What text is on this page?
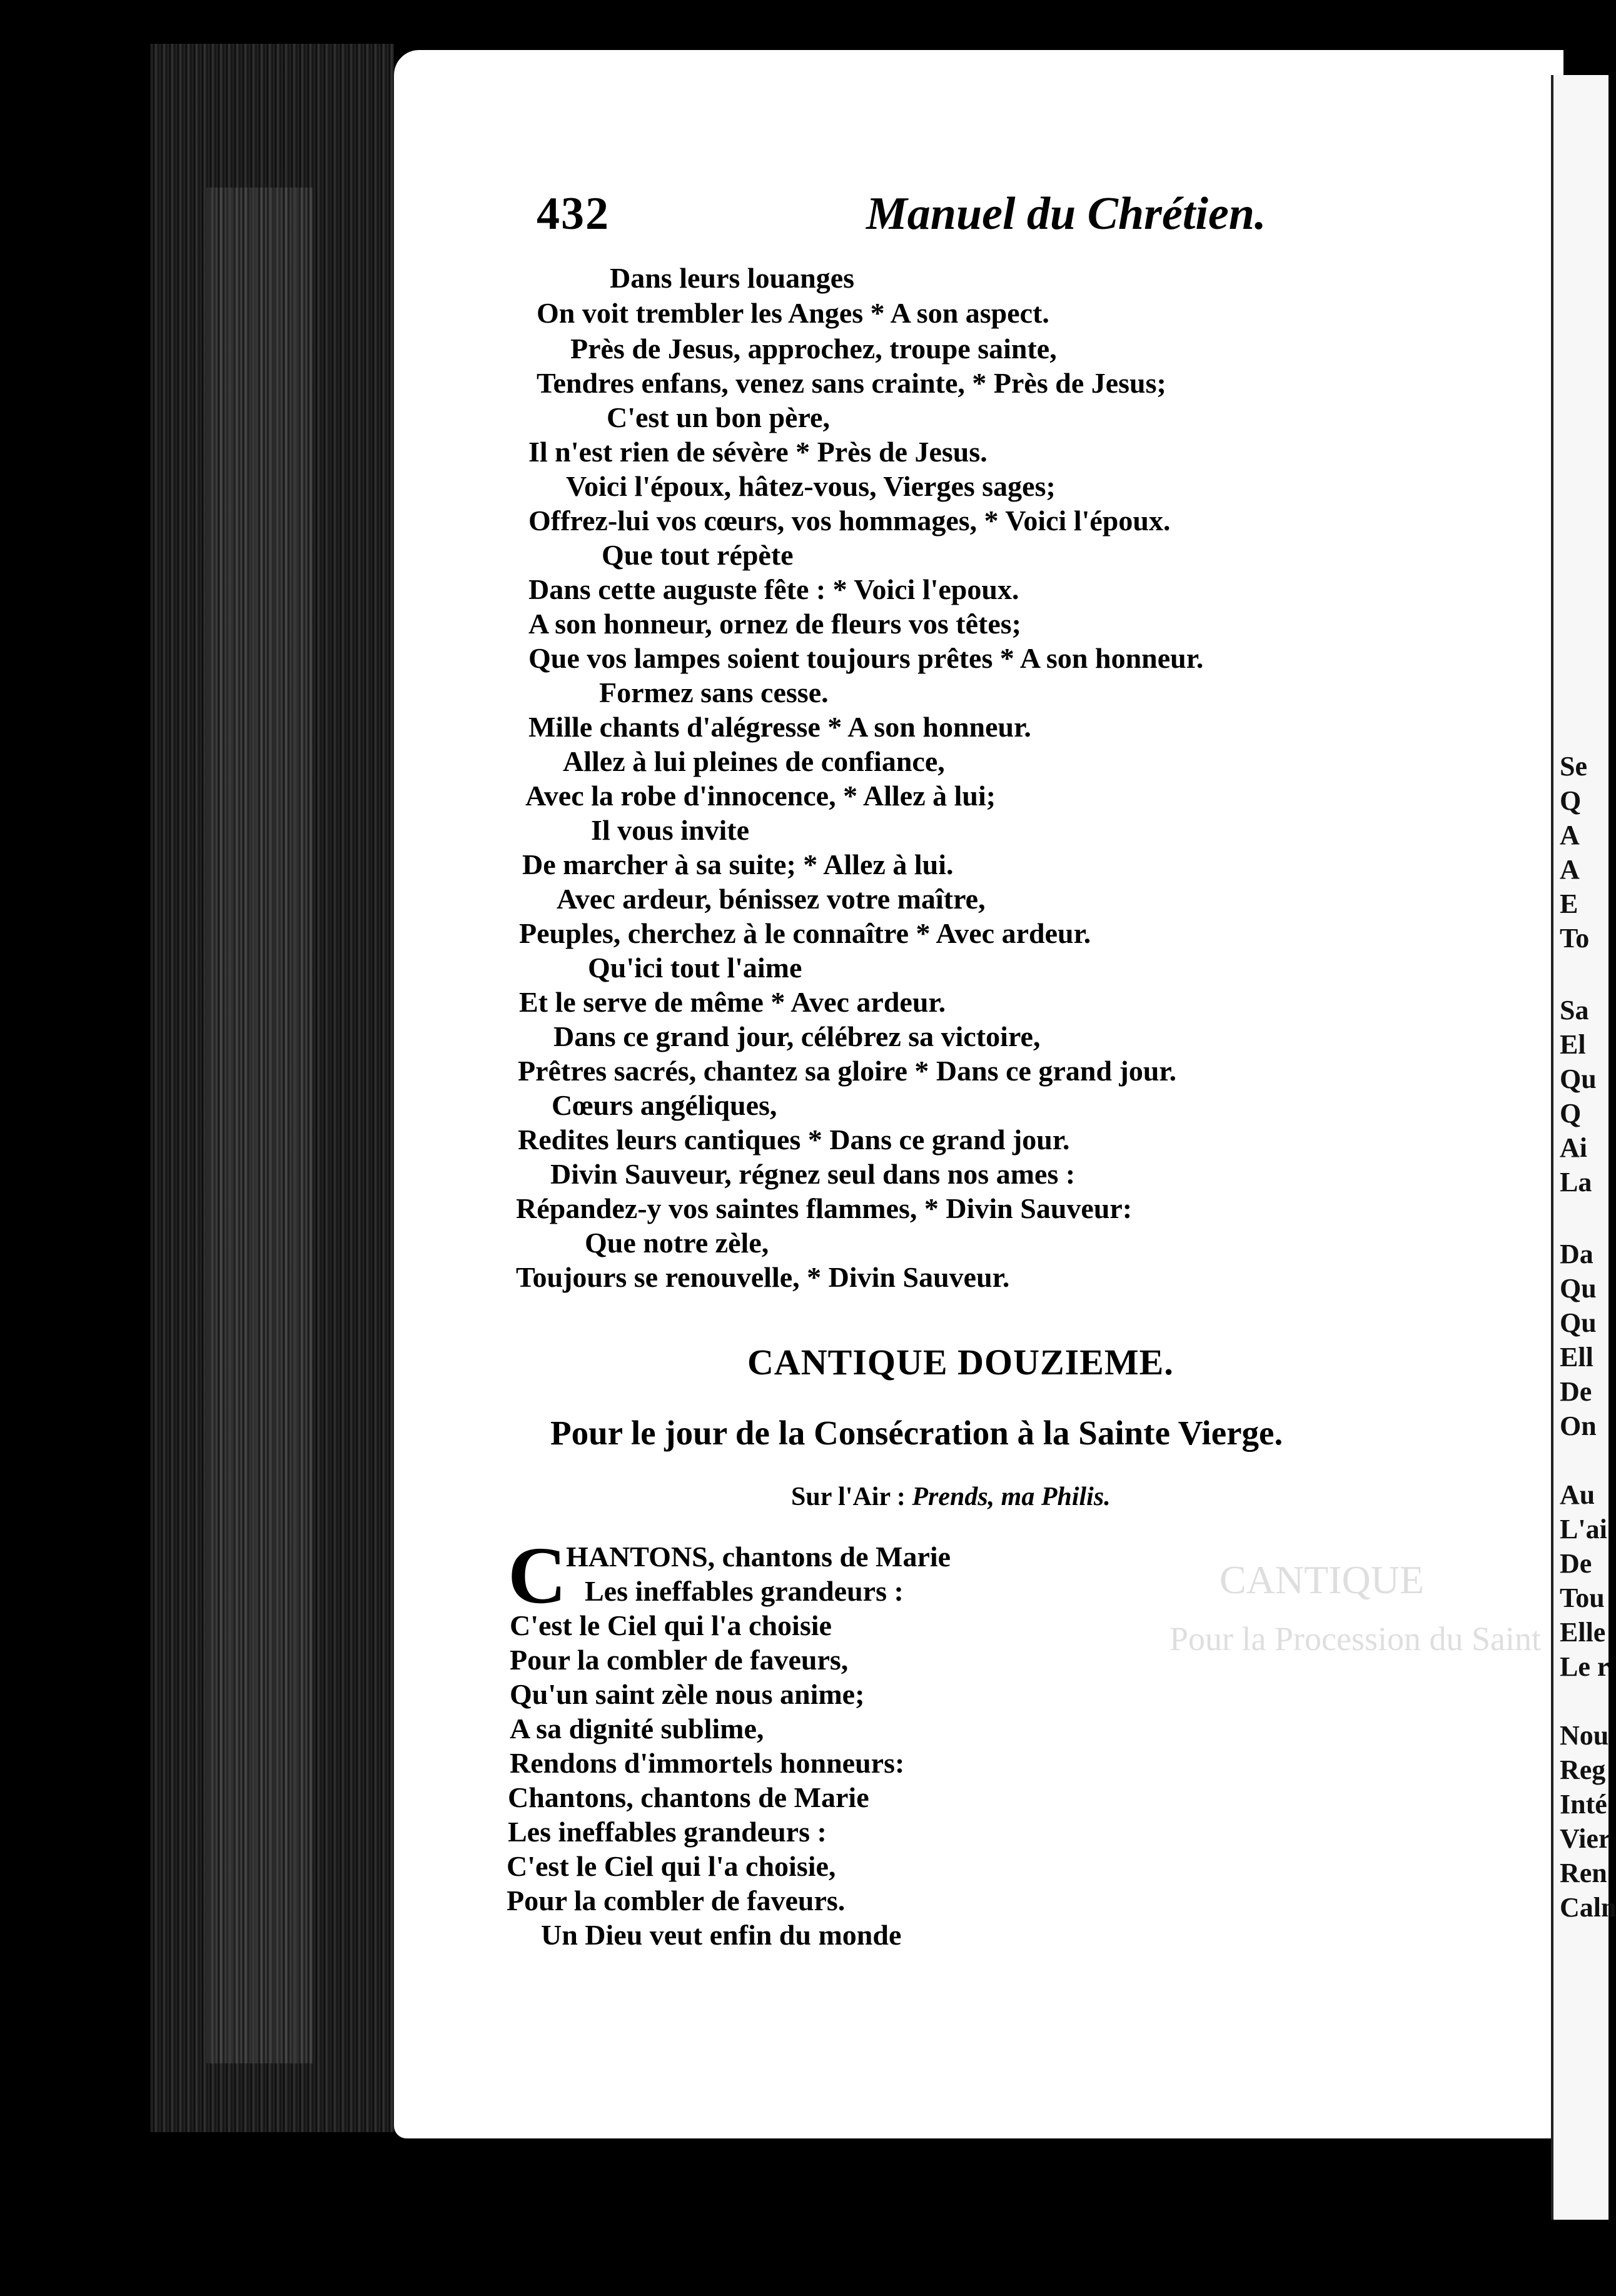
CANTIQUE
Pour la Procession du Saint
432	Manuel du Chrétien.
Dans leurs louanges
On voit trembler les Anges * A son aspect.
Près de Jesus, approchez, troupe sainte,
Tendres enfans, venez sans crainte, * Près de Jesus;
C'est un bon père,
Il n'est rien de sévère * Près de Jesus.
Voici l'époux, hâtez-vous, Vierges sages;
Offrez-lui vos cœurs, vos hommages, * Voici l'époux.
Que tout répète
Dans cette auguste fête : * Voici l'epoux.
A son honneur, ornez de fleurs vos têtes;
Que vos lampes soient toujours prêtes * A son honneur.
Formez sans cesse.
Mille chants d'alégresse * A son honneur.
Allez à lui pleines de confiance,
Avec la robe d'innocence, * Allez à lui;
Il vous invite
De marcher à sa suite; * Allez à lui.
Avec ardeur, bénissez votre maître,
Peuples, cherchez à le connaître * Avec ardeur.
Qu'ici tout l'aime
Et le serve de même * Avec ardeur.
Dans ce grand jour, célébrez sa victoire,
Prêtres sacrés, chantez sa gloire * Dans ce grand jour.
Cœurs angéliques,
Redites leurs cantiques * Dans ce grand jour.
Divin Sauveur, régnez seul dans nos ames :
Répandez-y vos saintes flammes, * Divin Sauveur:
Que notre zèle,
Toujours se renouvelle, * Divin Sauveur.
CANTIQUE DOUZIEME.
Pour le jour de la Consécration à la Sainte Vierge.
Sur l'Air : Prends, ma Philis.
C HANTONS, chantons de Marie
Les ineffables grandeurs :
C'est le Ciel qui l'a choisie
Pour la combler de faveurs,
Qu'un saint zèle nous anime;
A sa dignité sublime,
Rendons d'immortels honneurs:
Chantons, chantons de Marie
Les ineffables grandeurs :
C'est le Ciel qui l'a choisie,
Pour la combler de faveurs.
Un Dieu veut enfin du monde
Se
Q
A
A
E
To
Sa
El
Qu
Q
Ai
La
Da
Qu
Qu
Ell
De
On
Au
L'ai
De
Tou
Elle
Le r
Nou
Reg
Inté
Vier
Ren
Caln
